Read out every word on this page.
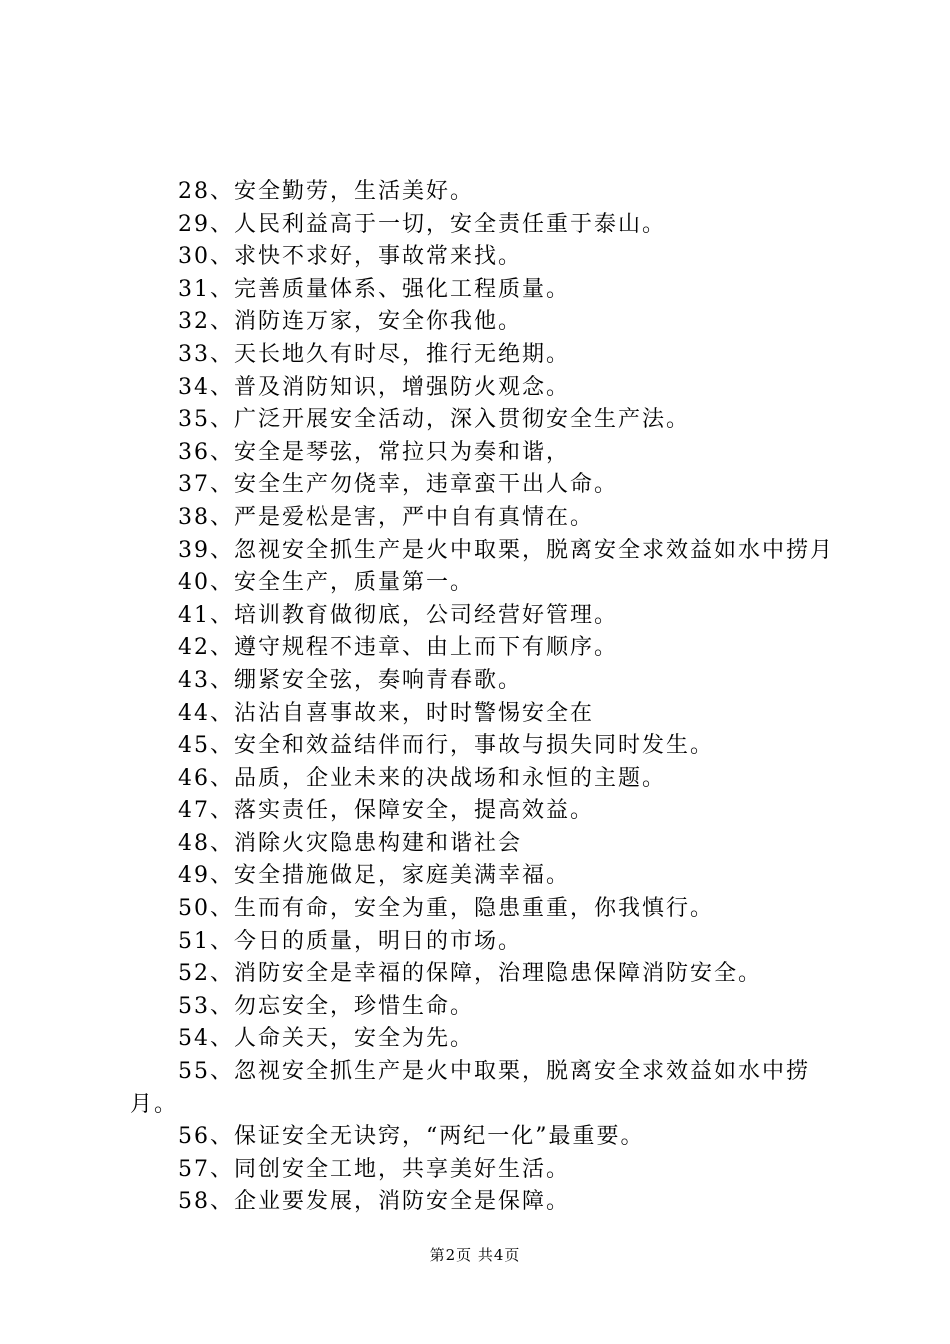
28、安全勤劳，生活美好。
29、人民利益高于一切，安全责任重于泰山。
30、求快不求好，事故常来找。
31、完善质量体系、强化工程质量。
32、消防连万家，安全你我他。
33、天长地久有时尽，推行无绝期。
34、普及消防知识，增强防火观念。
35、广泛开展安全活动，深入贯彻安全生产法。
36、安全是琴弦，常拉只为奏和谐，
37、安全生产勿侥幸，违章蛮干出人命。
38、严是爱松是害，严中自有真情在。
39、忽视安全抓生产是火中取栗，脱离安全求效益如水中捞月
40、安全生产，质量第一。
41、培训教育做彻底，公司经营好管理。
42、遵守规程不违章、由上而下有顺序。
43、绷紧安全弦，奏响青春歌。
44、沾沾自喜事故来，时时警惕安全在
45、安全和效益结伴而行，事故与损失同时发生。
46、品质，企业未来的决战场和永恒的主题。
47、落实责任，保障安全，提高效益。
48、消除火灾隐患构建和谐社会
49、安全措施做足，家庭美满幸福。
50、生而有命，安全为重，隐患重重，你我慎行。
51、今日的质量，明日的市场。
52、消防安全是幸福的保障，治理隐患保障消防安全。
53、勿忘安全，珍惜生命。
54、人命关天，安全为先。
55、忽视安全抓生产是火中取栗，脱离安全求效益如水中捞月。
56、保证安全无诀窍，“两纪一化”最重要。
57、同创安全工地，共享美好生活。
58、企业要发展，消防安全是保障。
第2页 共4页
